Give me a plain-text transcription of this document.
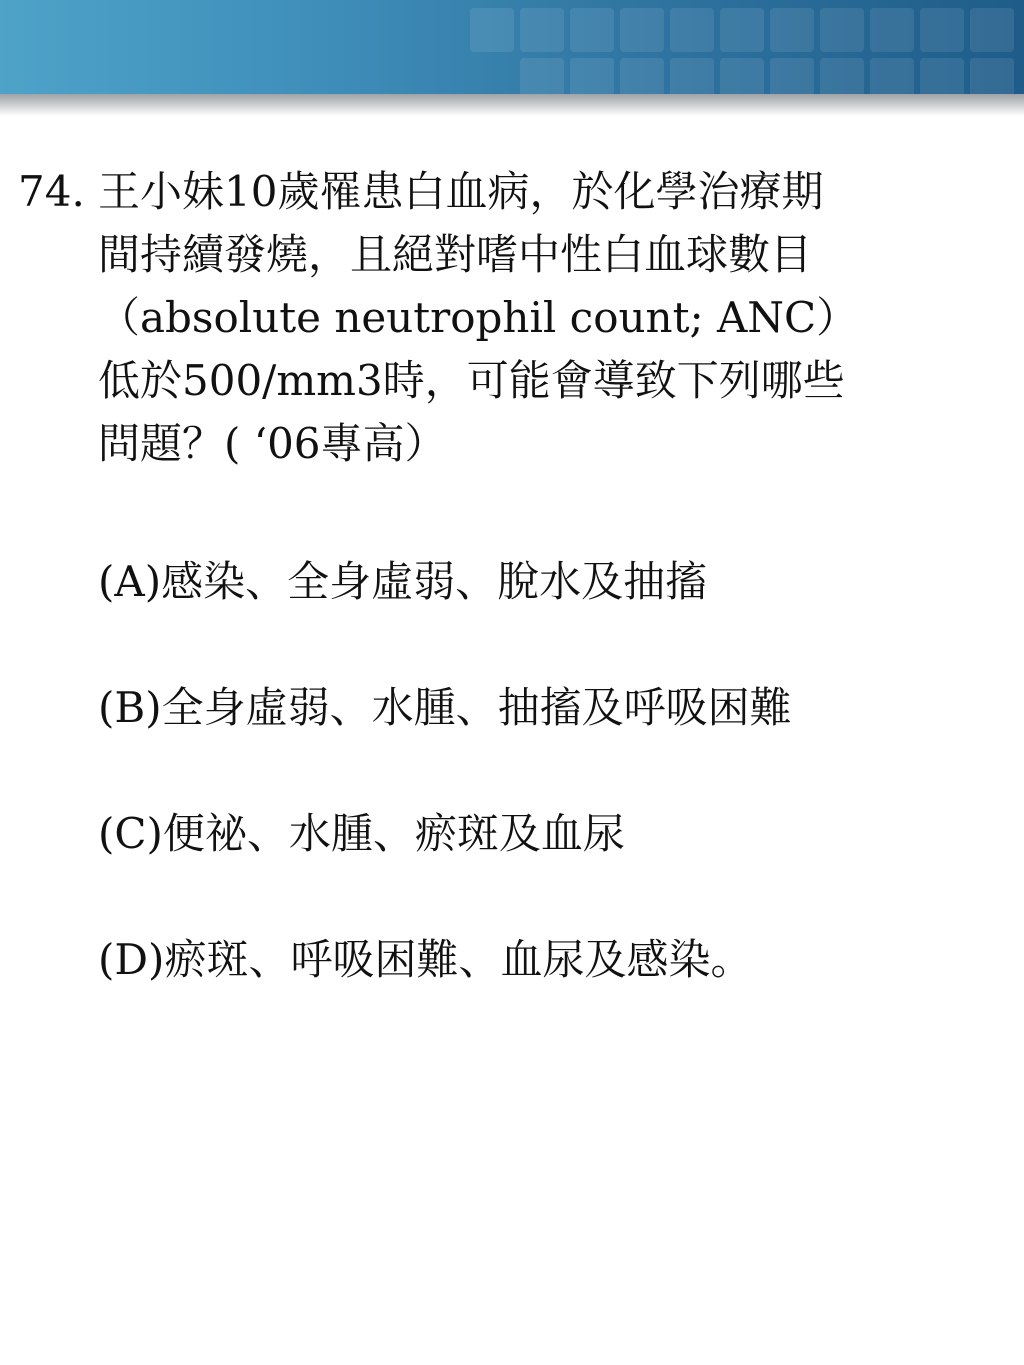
74. 王小妹10歲罹患白血病，於化學治療期
間持續發燒，且絕對嗜中性白血球數目
（absolute neutrophil count; ANC）
低於500/mm3時，可能會導致下列哪些
問題？( ‘06專高）
(A)感染、全身虛弱、脫水及抽搐
(B)全身虛弱、水腫、抽搐及呼吸困難
(C)便祕、水腫、瘀斑及血尿
(D)瘀斑、呼吸困難、血尿及感染。
